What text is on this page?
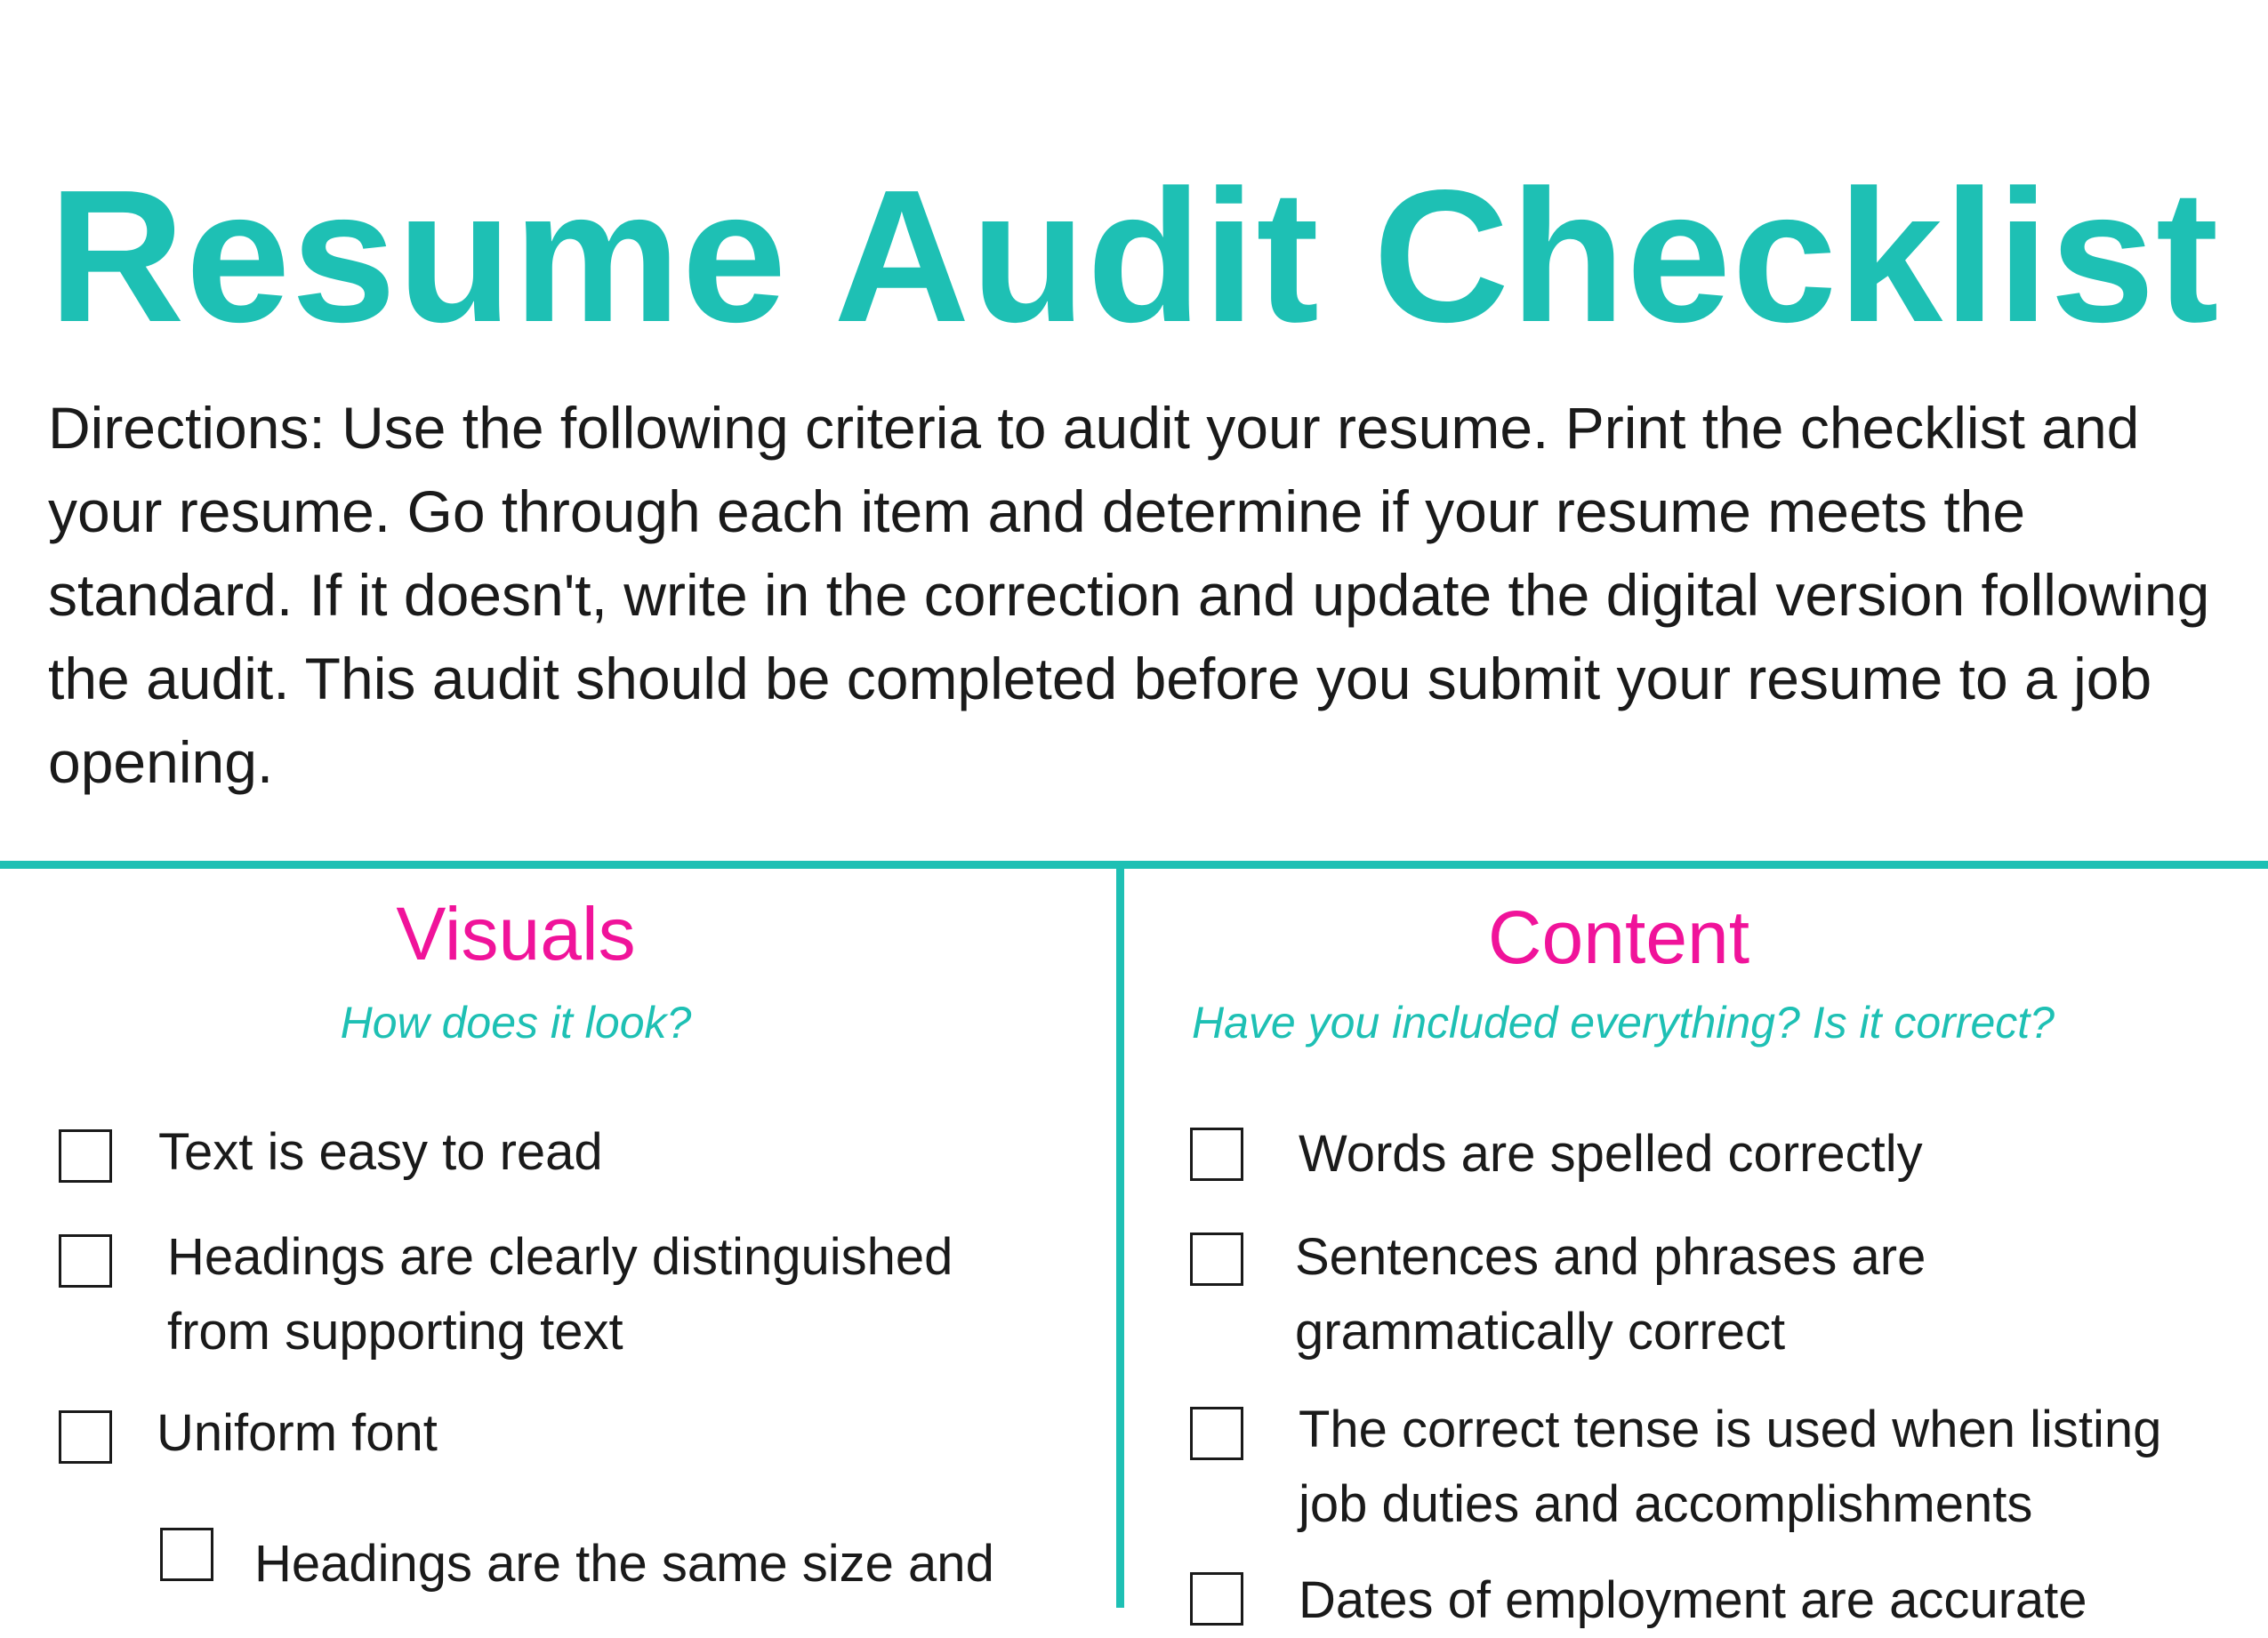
Resume Audit Checklist

Directions: Use the following criteria to audit your resume. Print the checklist and your resume. Go through each item and determine if your resume meets the standard. If it doesn't, write in the correction and update the digital version following the audit. This audit should be completed before you submit your resume to a job opening.

Visuals
How does it look?
Text is easy to read
Headings are clearly distinguished
from supporting text
Uniform font
Headings are the same size and
Content
Have you included everything? Is it correct?
Words are spelled correctly
Sentences and phrases are
grammatically correct
The correct tense is used when listing
job duties and accomplishments
Dates of employment are accurate
